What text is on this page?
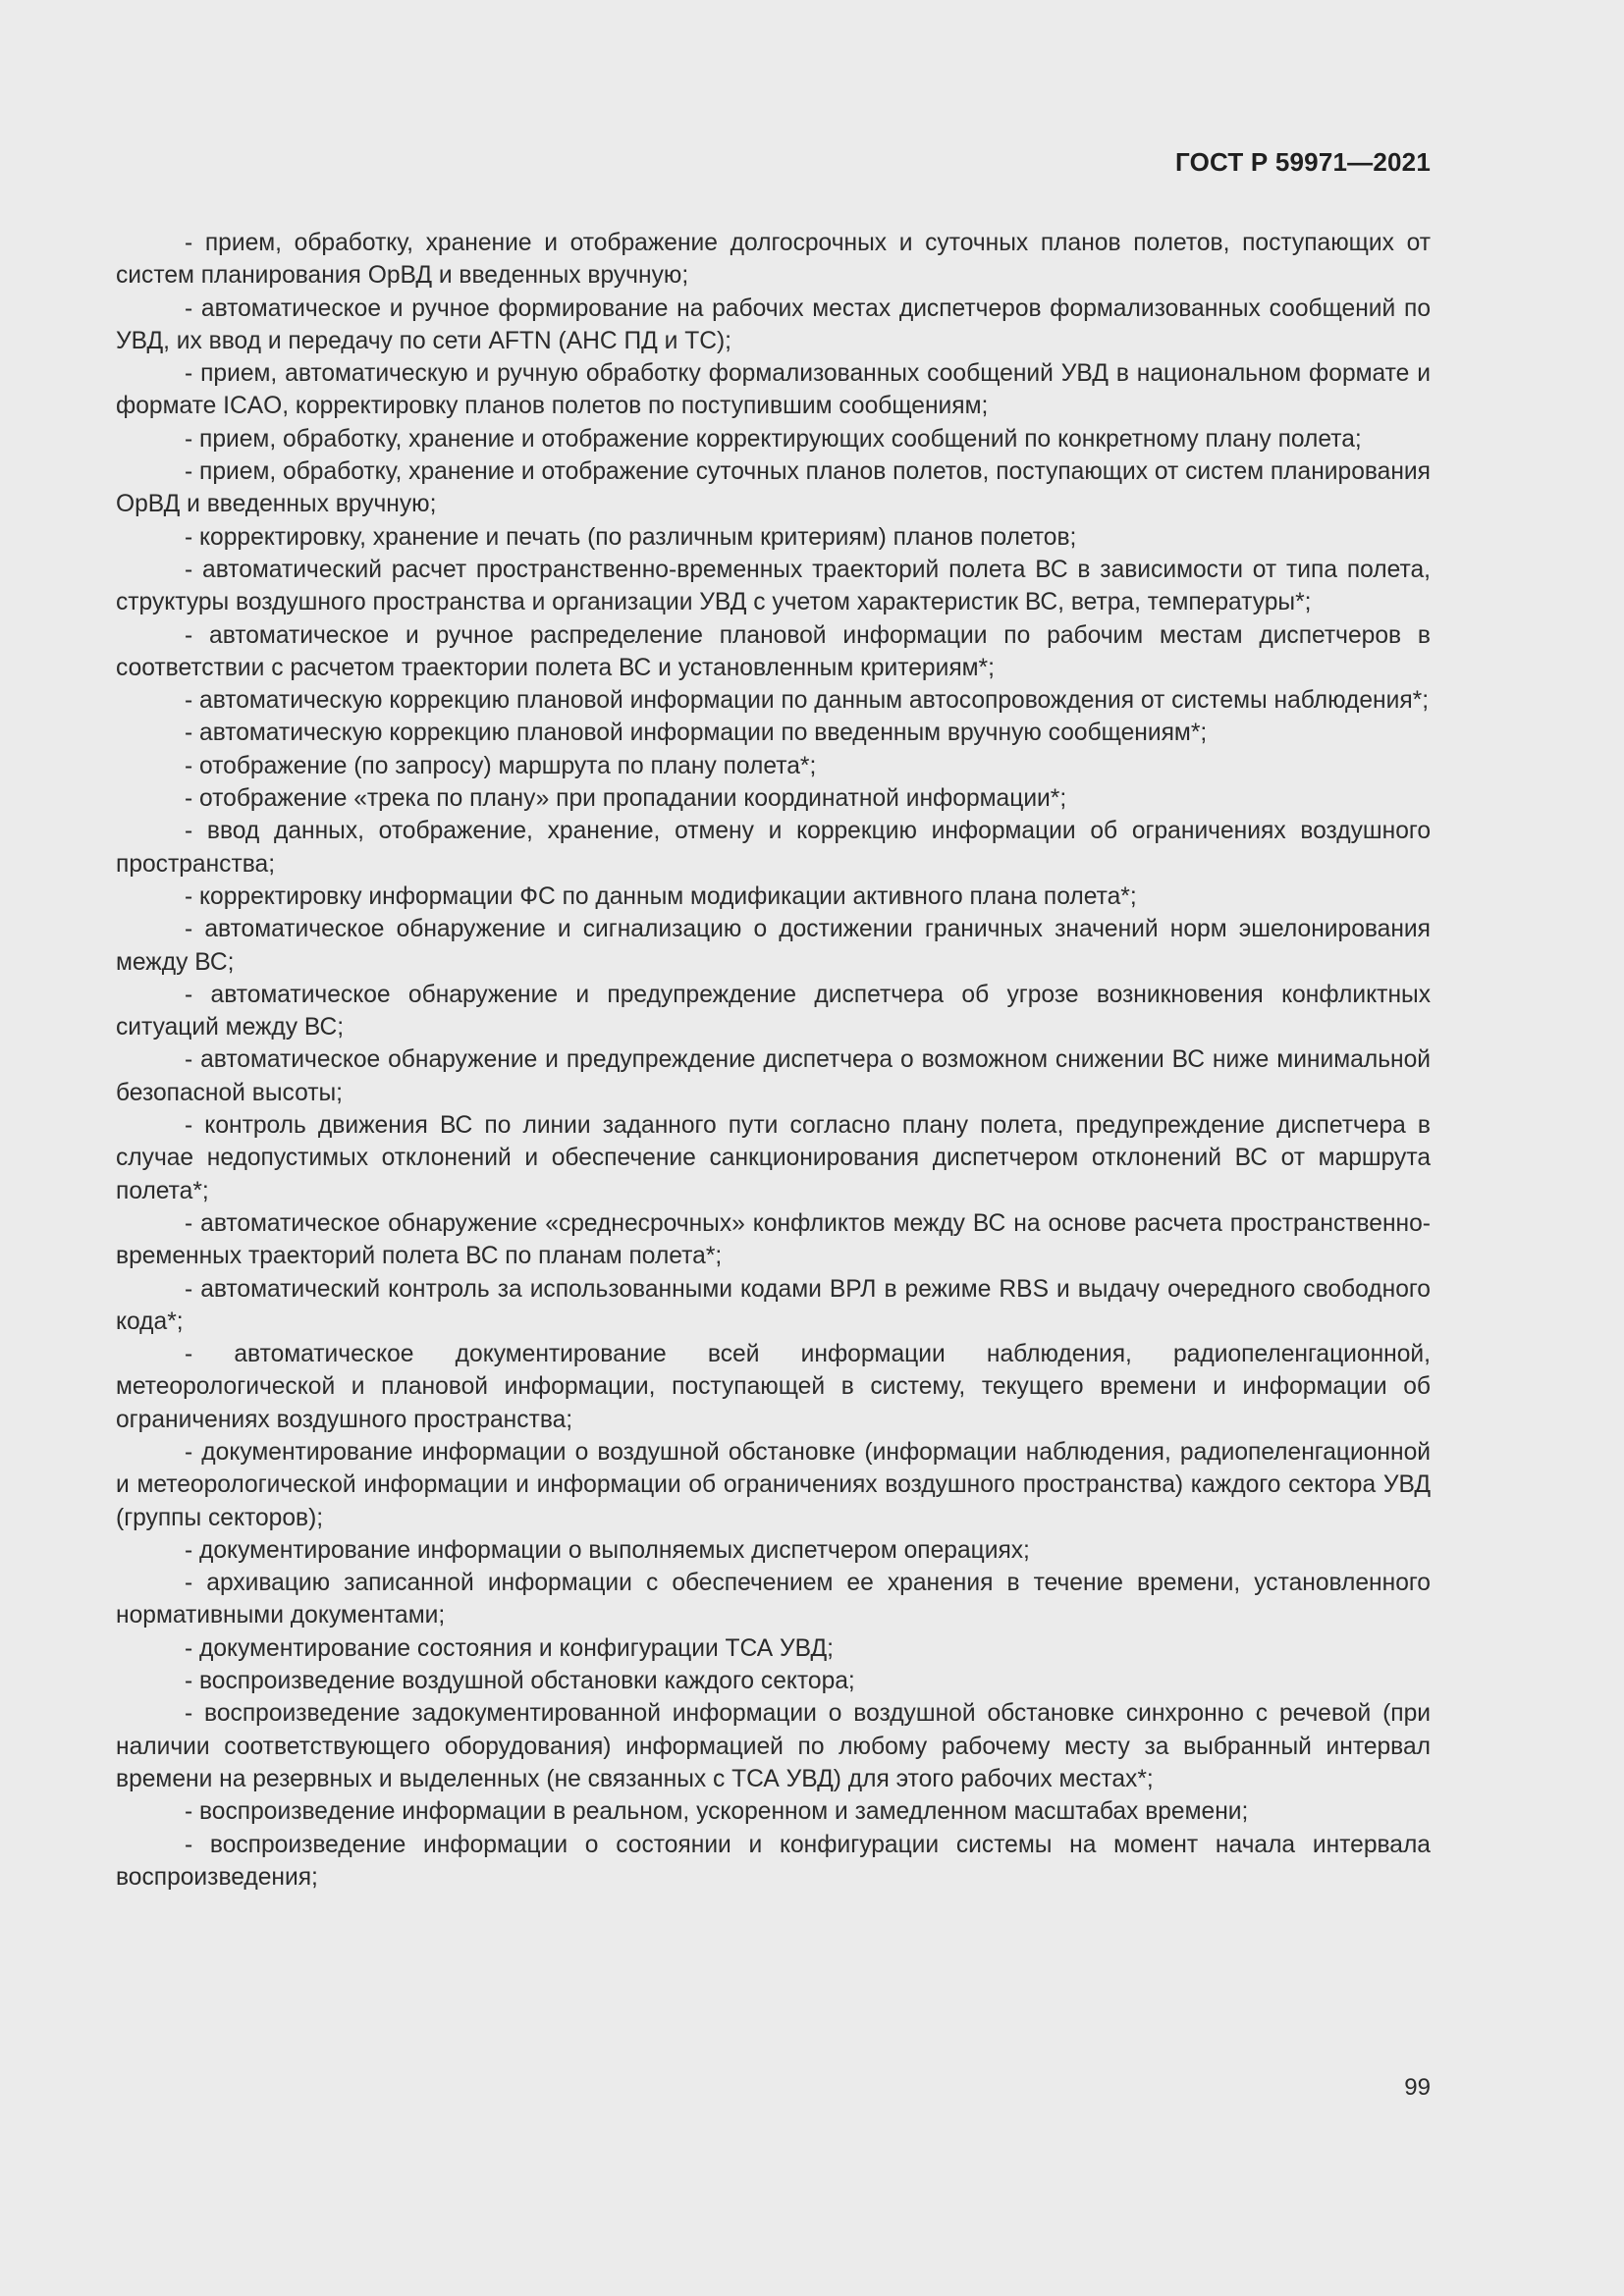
ГОСТ Р 59971—2021

- прием, обработку, хранение и отображение долгосрочных и суточных планов полетов, поступающих от систем планирования ОрВД и введенных вручную;

- автоматическое и ручное формирование на рабочих местах диспетчеров формализованных сообщений по УВД, их ввод и передачу по сети AFTN (АНС ПД и ТС);

- прием, автоматическую и ручную обработку формализованных сообщений УВД в национальном формате и формате ICAO, корректировку планов полетов по поступившим сообщениям;

- прием, обработку, хранение и отображение корректирующих сообщений по конкретному плану полета;

- прием, обработку, хранение и отображение суточных планов полетов, поступающих от систем планирования ОрВД и введенных вручную;

- корректировку, хранение и печать (по различным критериям) планов полетов;

- автоматический расчет пространственно-временных траекторий полета ВС в зависимости от типа полета, структуры воздушного пространства и организации УВД с учетом характеристик ВС, ветра, температуры*;

- автоматическое и ручное распределение плановой информации по рабочим местам диспетчеров в соответствии с расчетом траектории полета ВС и установленным критериям*;

- автоматическую коррекцию плановой информации по данным автосопровождения от системы наблюдения*;

- автоматическую коррекцию плановой информации по введенным вручную сообщениям*;

- отображение (по запросу) маршрута по плану полета*;

- отображение «трека по плану» при пропадании координатной информации*;

- ввод данных, отображение, хранение, отмену и коррекцию информации об ограничениях воздушного пространства;

- корректировку информации ФС по данным модификации активного плана полета*;

- автоматическое обнаружение и сигнализацию о достижении граничных значений норм эшелонирования между ВС;

- автоматическое обнаружение и предупреждение диспетчера об угрозе возникновения конфликтных ситуаций между ВС;

- автоматическое обнаружение и предупреждение диспетчера о возможном снижении ВС ниже минимальной безопасной высоты;

- контроль движения ВС по линии заданного пути согласно плану полета, предупреждение диспетчера в случае недопустимых отклонений и обеспечение санкционирования диспетчером отклонений ВС от маршрута полета*;

- автоматическое обнаружение «среднесрочных» конфликтов между ВС на основе расчета пространственно-временных траекторий полета ВС по планам полета*;

- автоматический контроль за использованными кодами ВРЛ в режиме RBS и выдачу очередного свободного кода*;

- автоматическое документирование всей информации наблюдения, радиопеленгационной, метеорологической и плановой информации, поступающей в систему, текущего времени и информации об ограничениях воздушного пространства;

- документирование информации о воздушной обстановке (информации наблюдения, радиопеленгационной и метеорологической информации и информации об ограничениях воздушного пространства) каждого сектора УВД (группы секторов);

- документирование информации о выполняемых диспетчером операциях;

- архивацию записанной информации с обеспечением ее хранения в течение времени, установленного нормативными документами;

- документирование состояния и конфигурации ТСА УВД;

- воспроизведение воздушной обстановки каждого сектора;

- воспроизведение задокументированной информации о воздушной обстановке синхронно с речевой (при наличии соответствующего оборудования) информацией по любому рабочему месту за выбранный интервал времени на резервных и выделенных (не связанных с ТСА УВД) для этого рабочих местах*;

- воспроизведение информации в реальном, ускоренном и замедленном масштабах времени;

- воспроизведение информации о состоянии и конфигурации системы на момент начала интервала воспроизведения;

99
